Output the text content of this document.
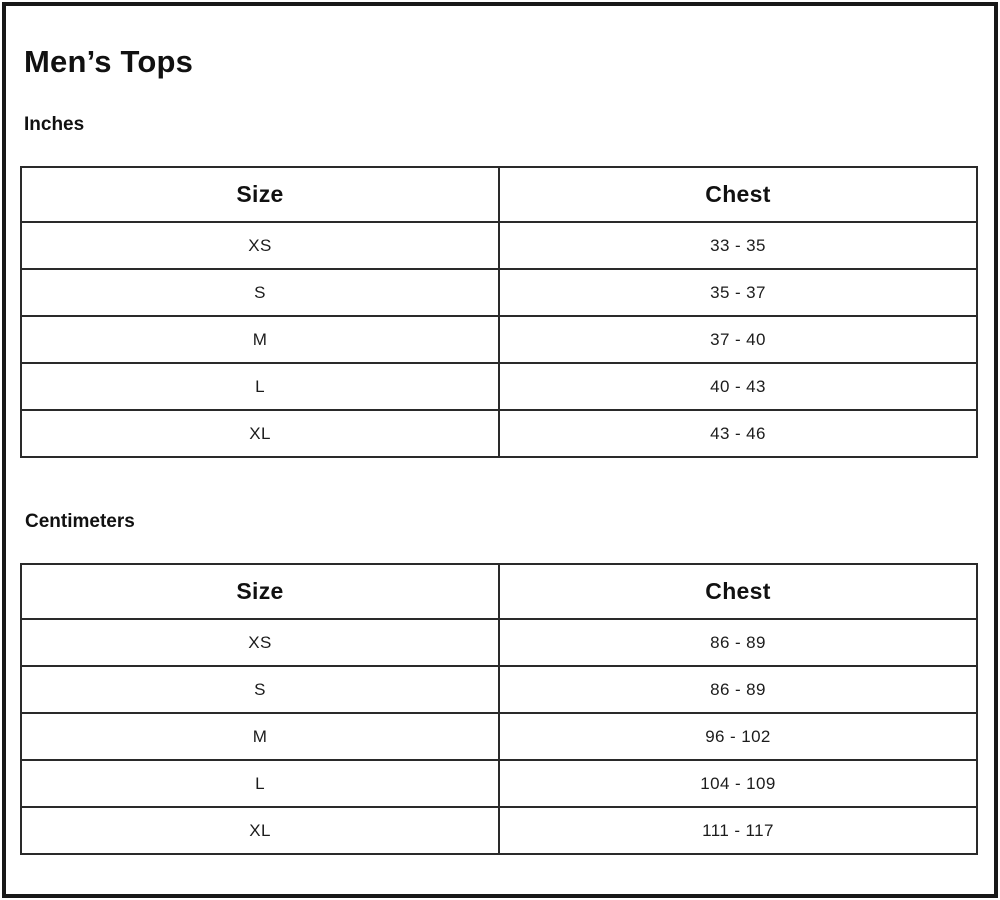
Men’s Tops
Inches
Size	Chest
XS	33 - 35
S	35 - 37
M	37 - 40
L	40 - 43
XL	43 - 46
Centimeters
Size	Chest
XS	86 - 89
S	86 - 89
M	96 - 102
L	104 - 109
XL	111 - 117
